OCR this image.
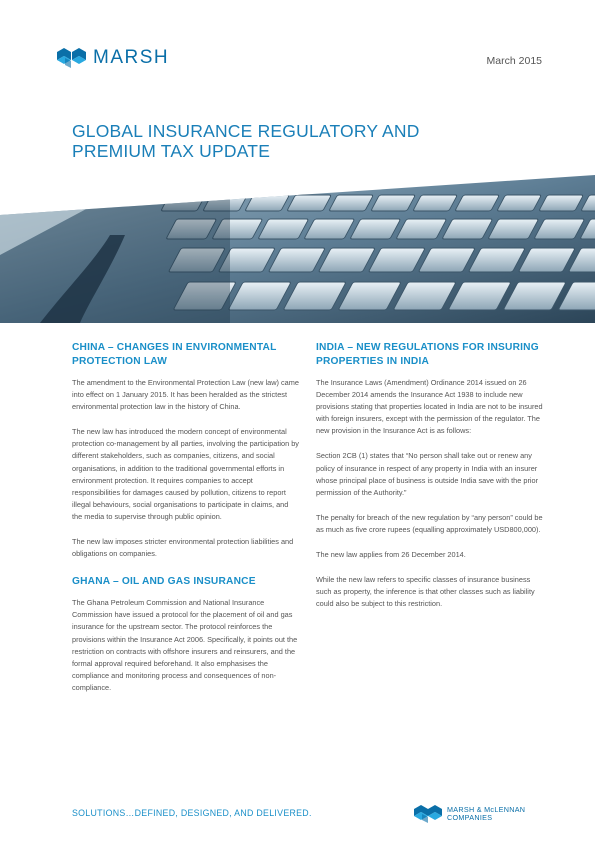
MARSH	March 2015
GLOBAL INSURANCE REGULATORY AND
PREMIUM TAX UPDATE
CHINA – CHANGES IN ENVIRONMENTAL PROTECTION LAW

The amendment to the Environmental Protection Law (new law) came into effect on 1 January 2015. It has been heralded as the strictest environmental protection law in the history of China.

The new law has introduced the modern concept of environmental protection co-management by all parties, involving the participation by different stakeholders, such as companies, citizens, and social organisations, in addition to the traditional governmental efforts in environment protection. It requires companies to accept responsibilities for damages caused by pollution, citizens to report illegal behaviours, social organisations to participate in claims, and the media to supervise through public opinion.

The new law imposes stricter environmental protection liabilities and obligations on companies.

GHANA – OIL AND GAS INSURANCE

The Ghana Petroleum Commission and National Insurance Commission have issued a protocol for the placement of oil and gas insurance for the upstream sector. The protocol reinforces the provisions within the Insurance Act 2006. Specifically, it points out the restriction on contracts with offshore insurers and reinsurers, and the formal approval required beforehand. It also emphasises the compliance and monitoring process and consequences of non-compliance.

INDIA – NEW REGULATIONS FOR INSURING PROPERTIES IN INDIA

The Insurance Laws (Amendment) Ordinance 2014 issued on 26 December 2014 amends the Insurance Act 1938 to include new provisions stating that properties located in India are not to be insured with foreign insurers, except with the permission of the regulator. The new provision in the Insurance Act is as follows:

Section 2CB (1) states that “No person shall take out or renew any policy of insurance in respect of any property in India with an insurer whose principal place of business is outside India save with the prior permission of the Authority.”

The penalty for breach of the new regulation by “any person” could be as much as five crore rupees (equalling approximately USD800,000).

The new law applies from 26 December 2014.

While the new law refers to specific classes of insurance business such as property, the inference is that other classes such as liability could also be subject to this restriction.

SOLUTIONS…DEFINED, DESIGNED, AND DELIVERED.	MARSH & McLENNAN
COMPANIES
